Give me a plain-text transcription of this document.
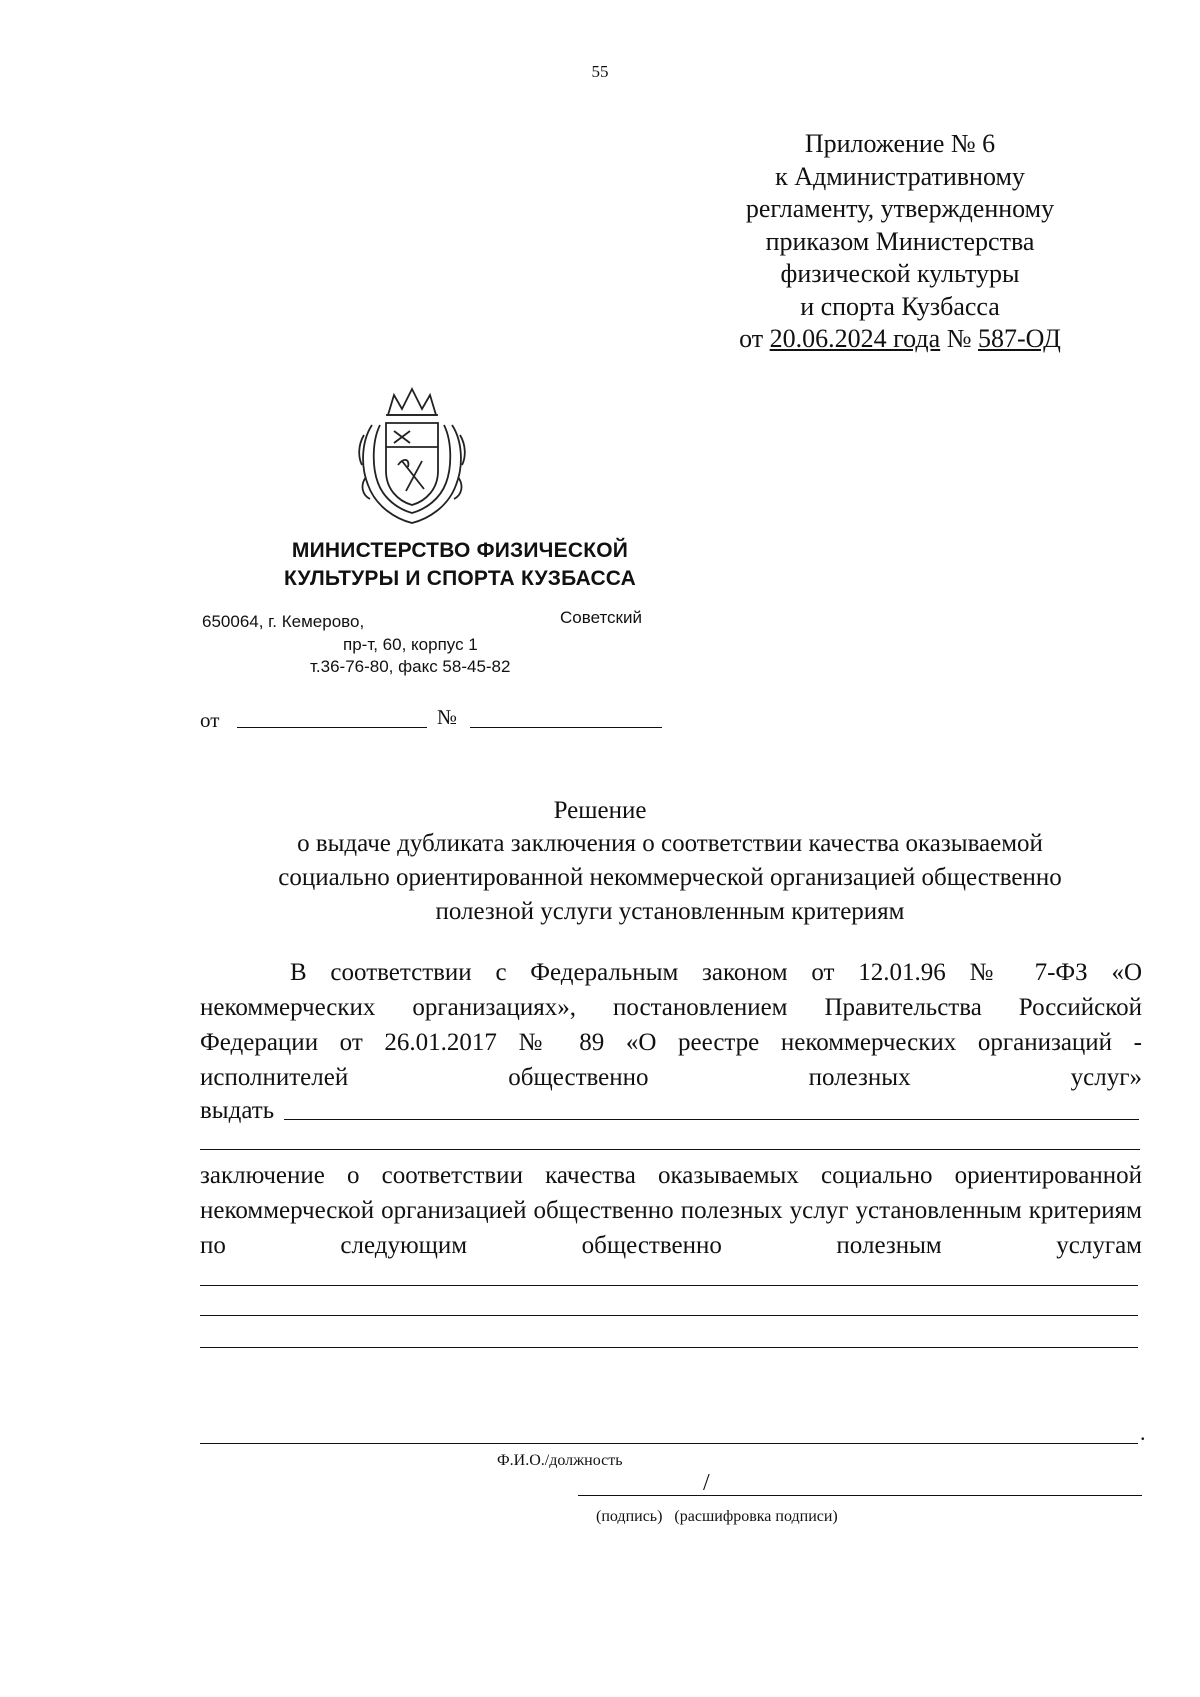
55
Приложение № 6
к Административному
регламенту, утвержденному
приказом Министерства
физической культуры
и спорта Кузбасса
от 20.06.2024 года № 587-ОД
МИНИСТЕРСТВО ФИЗИЧЕСКОЙ
КУЛЬТУРЫ И СПОРТА КУЗБАССА
650064, г. Кемерово,	Советский
пр-т, 60, корпус 1
т.36-76-80, факс 58-45-82
от	№
Решение
о выдаче дубликата заключения о соответствии качества оказываемой
социально ориентированной некоммерческой организацией общественно
полезной услуги установленным критериям
В соответствии с Федеральным законом от 12.01.96 № 7-ФЗ «О некоммерческих организациях», постановлением Правительства Российской Федерации от 26.01.2017 № 89 «О реестре некоммерческих организаций - исполнителей общественно полезных услуг»
выдать
заключение о соответствии качества оказываемых социально ориентированной некоммерческой организацией общественно полезных услуг установленным критериям по следующим общественно полезным услугам
.
Ф.И.О./должность
/
(подпись)   (расшифровка подписи)
